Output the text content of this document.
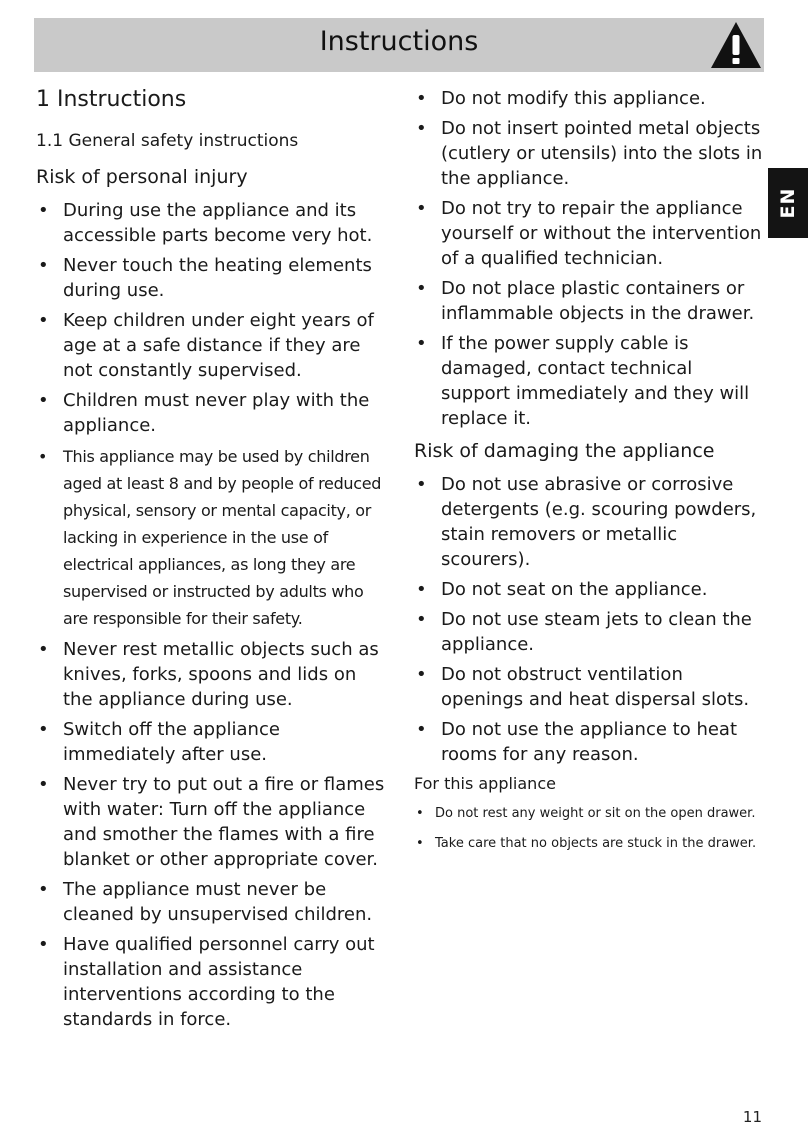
Instructions
EN
1 Instructions
1.1 General safety instructions
Risk of personal injury
• During use the appliance and its accessible parts become very hot.
• Never touch the heating elements during use.
• Keep children under eight years of age at a safe distance if they are not constantly supervised.
• Children must never play with the appliance.
• This appliance may be used by children aged at least 8 and by people of reduced physical, sensory or mental capacity, or lacking in experience in the use of electrical appliances, as long they are supervised or instructed by adults who are responsible for their safety.
• Never rest metallic objects such as knives, forks, spoons and lids on the appliance during use.
• Switch off the appliance immediately after use.
• Never try to put out a fire or flames with water: Turn off the appliance and smother the flames with a fire blanket or other appropriate cover.
• The appliance must never be cleaned by unsupervised children.
• Have qualified personnel carry out installation and assistance interventions according to the standards in force.
• Do not modify this appliance.
• Do not insert pointed metal objects (cutlery or utensils) into the slots in the appliance.
• Do not try to repair the appliance yourself or without the intervention of a qualified technician.
• Do not place plastic containers or inflammable objects in the drawer.
• If the power supply cable is damaged, contact technical support immediately and they will replace it.
Risk of damaging the appliance
• Do not use abrasive or corrosive detergents (e.g. scouring powders, stain removers or metallic scourers).
• Do not seat on the appliance.
• Do not use steam jets to clean the appliance.
• Do not obstruct ventilation openings and heat dispersal slots.
• Do not use the appliance to heat rooms for any reason.
For this appliance
• Do not rest any weight or sit on the open drawer.
• Take care that no objects are stuck in the drawer.
11
